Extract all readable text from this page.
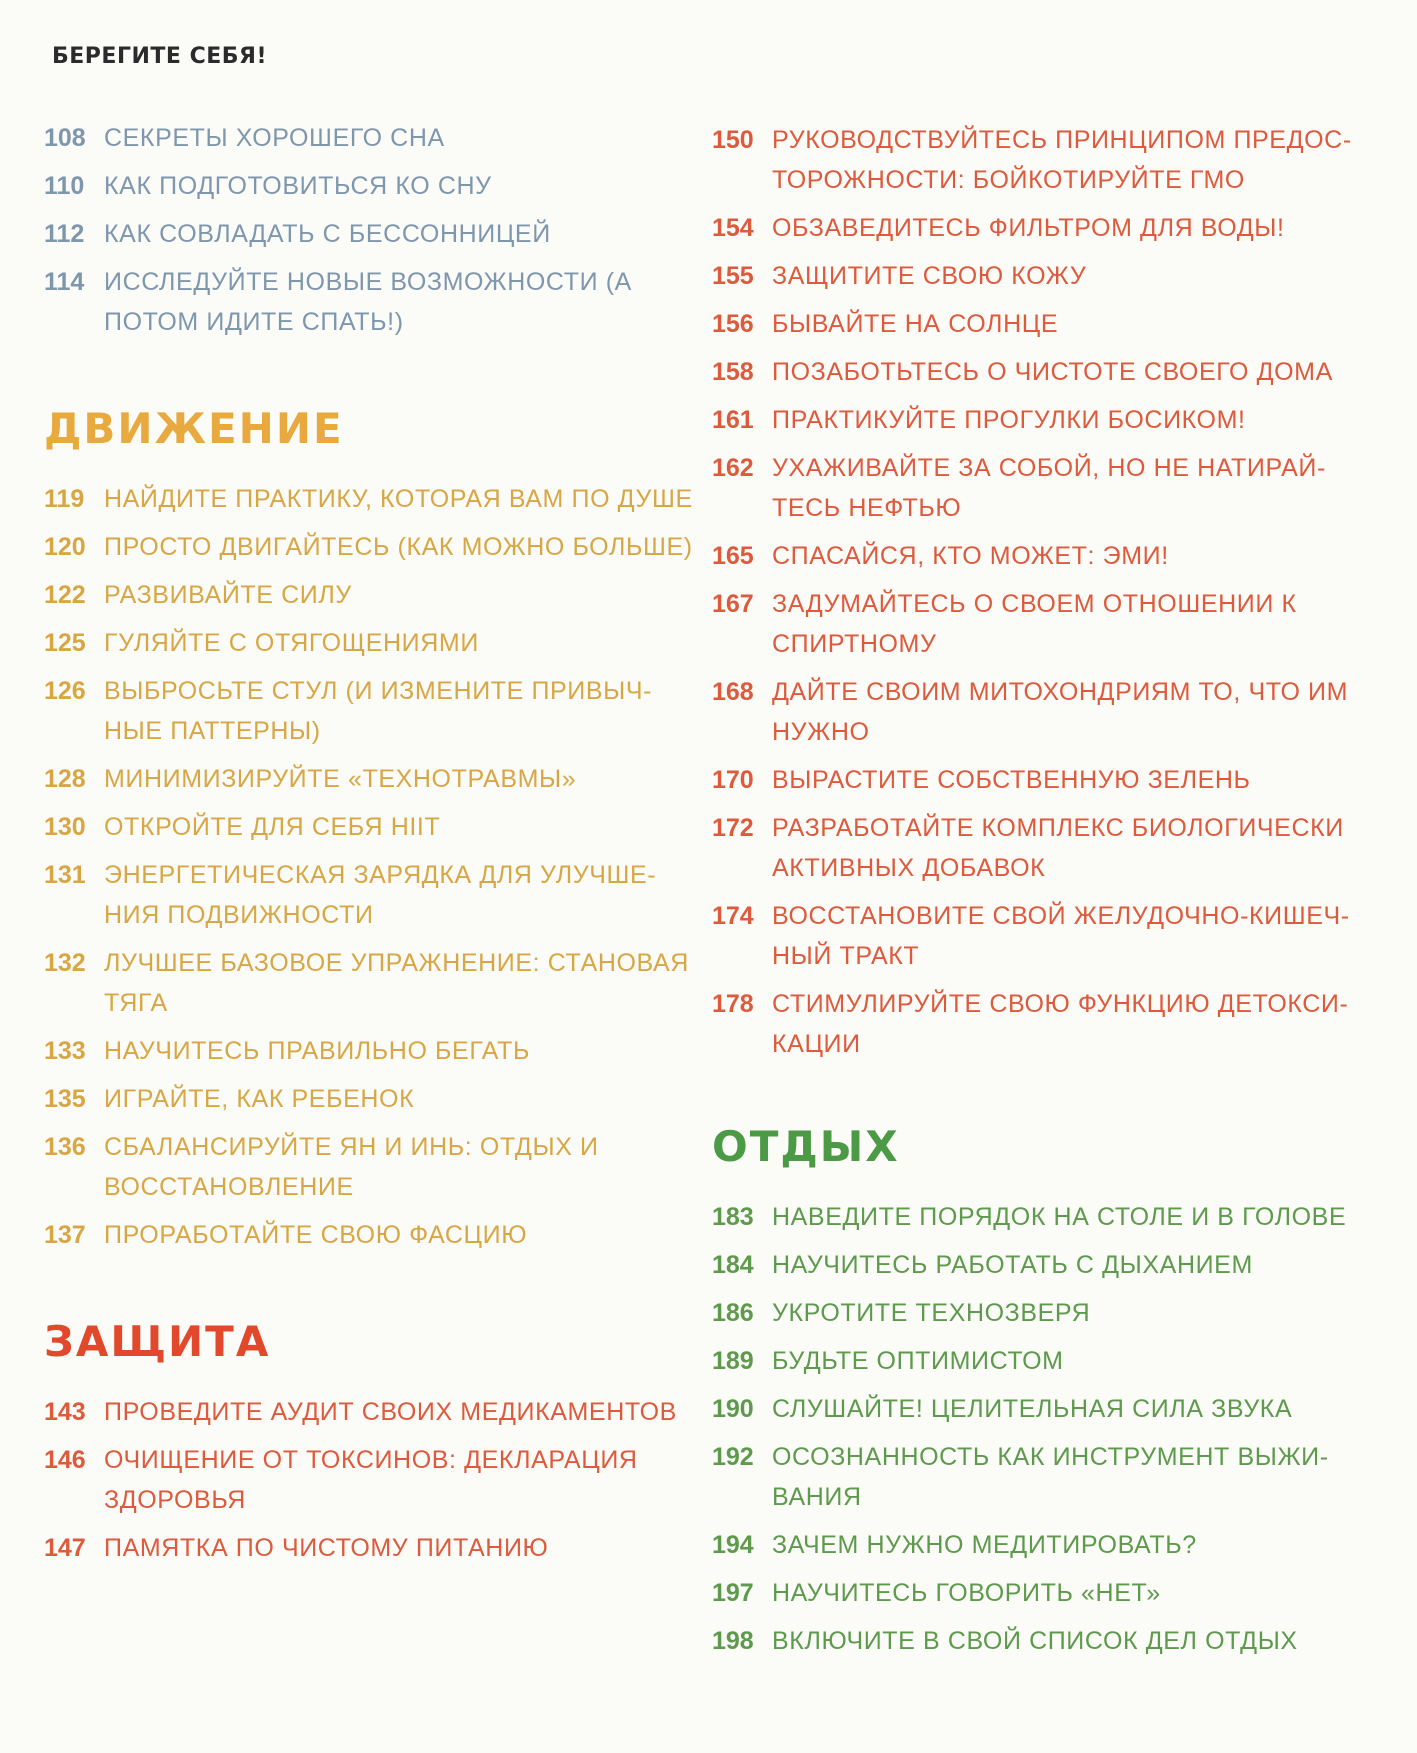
БЕРЕГИТЕ СЕБЯ!
108 СЕКРЕТЫ ХОРОШЕГО СНА
110 КАК ПОДГОТОВИТЬСЯ КО СНУ
112 КАК СОВЛАДАТЬ С БЕССОННИЦЕЙ
114 ИССЛЕДУЙТЕ НОВЫЕ ВОЗМОЖНОСТИ (А ПОТОМ ИДИТЕ СПАТЬ!)
ДВИЖЕНИЕ
119 НАЙДИТЕ ПРАКТИКУ, КОТОРАЯ ВАМ ПО ДУШЕ
120 ПРОСТО ДВИГАЙТЕСЬ (КАК МОЖНО БОЛЬШЕ)
122 РАЗВИВАЙТЕ СИЛУ
125 ГУЛЯЙТЕ С ОТЯГОЩЕНИЯМИ
126 ВЫБРОСЬТЕ СТУЛ (И ИЗМЕНИТЕ ПРИВЫЧ-НЫЕ ПАТТЕРНЫ)
128 МИНИМИЗИРУЙТЕ «ТЕХНОТРАВМЫ»
130 ОТКРОЙТЕ ДЛЯ СЕБЯ HIIT
131 ЭНЕРГЕТИЧЕСКАЯ ЗАРЯДКА ДЛЯ УЛУЧШЕ-НИЯ ПОДВИЖНОСТИ
132 ЛУЧШЕЕ БАЗОВОЕ УПРАЖНЕНИЕ: СТАНОВАЯ ТЯГА
133 НАУЧИТЕСЬ ПРАВИЛЬНО БЕГАТЬ
135 ИГРАЙТЕ, КАК РЕБЕНОК
136 СБАЛАНСИРУЙТЕ ЯН И ИНЬ: ОТДЫХ И ВОССТАНОВЛЕНИЕ
137 ПРОРАБОТАЙТЕ СВОЮ ФАСЦИЮ
ЗАЩИТА
143 ПРОВЕДИТЕ АУДИТ СВОИХ МЕДИКАМЕНТОВ
146 ОЧИЩЕНИЕ ОТ ТОКСИНОВ: ДЕКЛАРАЦИЯ ЗДОРОВЬЯ
147 ПАМЯТКА ПО ЧИСТОМУ ПИТАНИЮ
150 РУКОВОДСТВУЙТЕСЬ ПРИНЦИПОМ ПРЕДОС-ТОРОЖНОСТИ: БОЙКОТИРУЙТЕ ГМО
154 ОБЗАВЕДИТЕСЬ ФИЛЬТРОМ ДЛЯ ВОДЫ!
155 ЗАЩИТИТЕ СВОЮ КОЖУ
156 БЫВАЙТЕ НА СОЛНЦЕ
158 ПОЗАБОТЬТЕСЬ О ЧИСТОТЕ СВОЕГО ДОМА
161 ПРАКТИКУЙТЕ ПРОГУЛКИ БОСИКОМ!
162 УХАЖИВАЙТЕ ЗА СОБОЙ, НО НЕ НАТИРАЙ-ТЕСЬ НЕФТЬЮ
165 СПАСАЙСЯ, КТО МОЖЕТ: ЭМИ!
167 ЗАДУМАЙТЕСЬ О СВОЕМ ОТНОШЕНИИ К СПИРТНОМУ
168 ДАЙТЕ СВОИМ МИТОХОНДРИЯМ ТО, ЧТО ИМ НУЖНО
170 ВЫРАСТИТЕ СОБСТВЕННУЮ ЗЕЛЕНЬ
172 РАЗРАБОТАЙТЕ КОМПЛЕКС БИОЛОГИЧЕСКИ АКТИВНЫХ ДОБАВОК
174 ВОССТАНОВИТЕ СВОЙ ЖЕЛУДОЧНО-КИШЕЧ-НЫЙ ТРАКТ
178 СТИМУЛИРУЙТЕ СВОЮ ФУНКЦИЮ ДЕТОКСИ-КАЦИИ
ОТДЫХ
183 НАВЕДИТЕ ПОРЯДОК НА СТОЛЕ И В ГОЛОВЕ
184 НАУЧИТЕСЬ РАБОТАТЬ С ДЫХАНИЕМ
186 УКРОТИТЕ ТЕХНОЗВЕРЯ
189 БУДЬТЕ ОПТИМИСТОМ
190 СЛУШАЙТЕ! ЦЕЛИТЕЛЬНАЯ СИЛА ЗВУКА
192 ОСОЗНАННОСТЬ КАК ИНСТРУМЕНТ ВЫЖИ-ВАНИЯ
194 ЗАЧЕМ НУЖНО МЕДИТИРОВАТЬ?
197 НАУЧИТЕСЬ ГОВОРИТЬ «НЕТ»
198 ВКЛЮЧИТЕ В СВОЙ СПИСОК ДЕЛ ОТДЫХ
